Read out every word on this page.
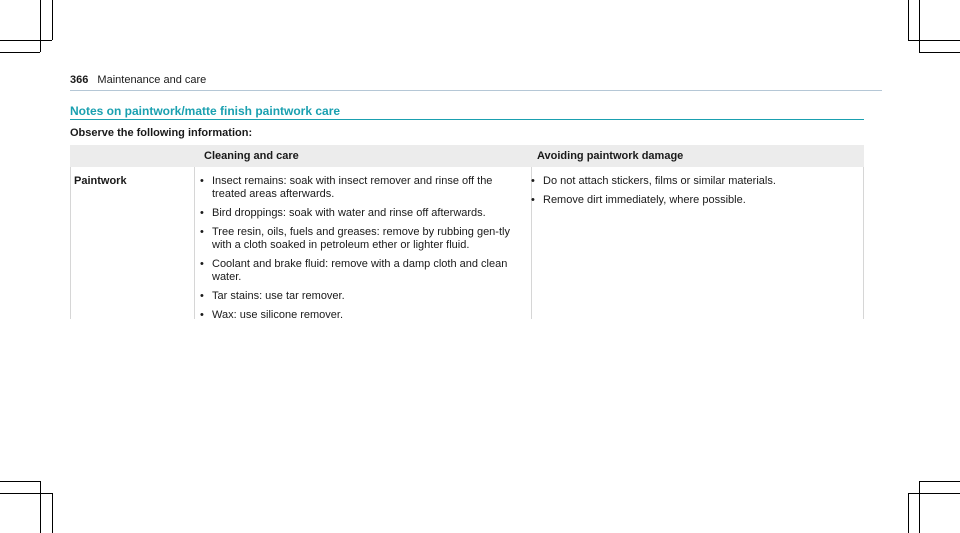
366 Maintenance and care
Notes on paintwork/matte finish paintwork care
Observe the following information:
Cleaning and care	Avoiding paintwork damage
Paintwork	• Insect remains: soak with insect remover and rinse off the treated areas afterwards.
• Bird droppings: soak with water and rinse off afterwards.
• Tree resin, oils, fuels and greases: remove by rubbing gen-tly with a cloth soaked in petroleum ether or lighter fluid.
• Coolant and brake fluid: remove with a damp cloth and clean water.
• Tar stains: use tar remover.
• Wax: use silicone remover.
• Do not attach stickers, films or similar materials.
• Remove dirt immediately, where possible.
